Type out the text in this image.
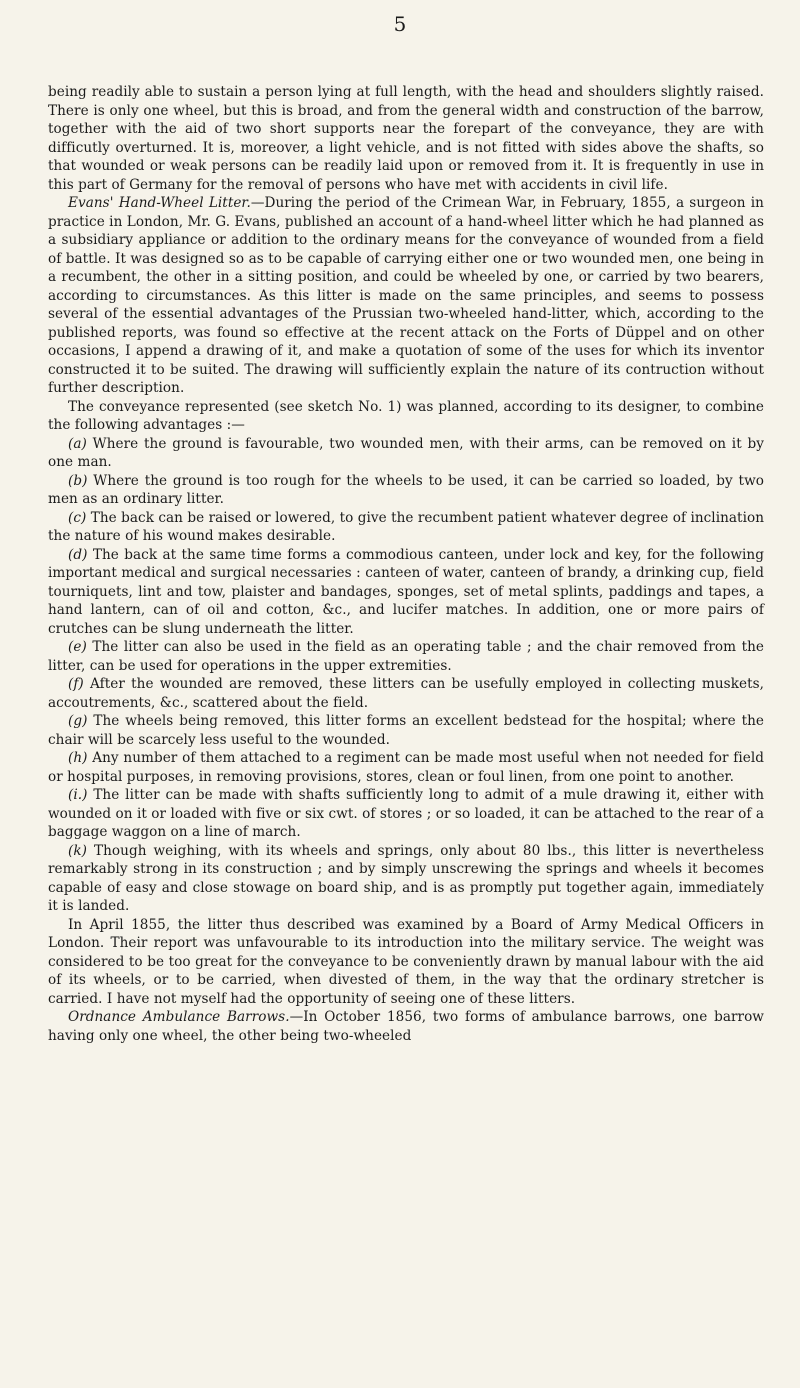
5

being readily able to sustain a person lying at full length, with the head and shoulders slightly raised. There is only one wheel, but this is broad, and from the general width and construction of the barrow, together with the aid of two short supports near the forepart of the conveyance, they are with difficutly overturned. It is, moreover, a light vehicle, and is not fitted with sides above the shafts, so that wounded or weak persons can be readily laid upon or removed from it. It is frequently in use in this part of Germany for the removal of persons who have met with accidents in civil life.

Evans' Hand-Wheel Litter.—During the period of the Crimean War, in February, 1855, a surgeon in practice in London, Mr. G. Evans, published an account of a hand-wheel litter which he had planned as a subsidiary appliance or addition to the ordinary means for the conveyance of wounded from a field of battle. It was designed so as to be capable of carrying either one or two wounded men, one being in a recumbent, the other in a sitting position, and could be wheeled by one, or carried by two bearers, according to circumstances. As this litter is made on the same principles, and seems to possess several of the essential advantages of the Prussian two-wheeled hand-litter, which, according to the published reports, was found so effective at the recent attack on the Forts of Düppel and on other occasions, I append a drawing of it, and make a quotation of some of the uses for which its inventor constructed it to be suited. The drawing will sufficiently explain the nature of its contruction without further description.

The conveyance represented (see sketch No. 1) was planned, according to its designer, to combine the following advantages :—

(a) Where the ground is favourable, two wounded men, with their arms, can be removed on it by one man.

(b) Where the ground is too rough for the wheels to be used, it can be carried so loaded, by two men as an ordinary litter.

(c) The back can be raised or lowered, to give the recumbent patient whatever degree of inclination the nature of his wound makes desirable.

(d) The back at the same time forms a commodious canteen, under lock and key, for the following important medical and surgical necessaries : canteen of water, canteen of brandy, a drinking cup, field tourniquets, lint and tow, plaister and bandages, sponges, set of metal splints, paddings and tapes, a hand lantern, can of oil and cotton, &c., and lucifer matches. In addition, one or more pairs of crutches can be slung underneath the litter.

(e) The litter can also be used in the field as an operating table ; and the chair removed from the litter, can be used for operations in the upper extremities.

(f) After the wounded are removed, these litters can be usefully employed in collecting muskets, accoutrements, &c., scattered about the field.

(g) The wheels being removed, this litter forms an excellent bedstead for the hospital; where the chair will be scarcely less useful to the wounded.

(h) Any number of them attached to a regiment can be made most useful when not needed for field or hospital purposes, in removing provisions, stores, clean or foul linen, from one point to another.

(i.) The litter can be made with shafts sufficiently long to admit of a mule drawing it, either with wounded on it or loaded with five or six cwt. of stores ; or so loaded, it can be attached to the rear of a baggage waggon on a line of march.

(k) Though weighing, with its wheels and springs, only about 80 lbs., this litter is nevertheless remarkably strong in its construction ; and by simply unscrewing the springs and wheels it becomes capable of easy and close stowage on board ship, and is as promptly put together again, immediately it is landed.

In April 1855, the litter thus described was examined by a Board of Army Medical Officers in London. Their report was unfavourable to its introduction into the military service. The weight was considered to be too great for the conveyance to be conveniently drawn by manual labour with the aid of its wheels, or to be carried, when divested of them, in the way that the ordinary stretcher is carried. I have not myself had the opportunity of seeing one of these litters.

Ordnance Ambulance Barrows.—In October 1856, two forms of ambulance barrows, one barrow having only one wheel, the other being two-wheeled
